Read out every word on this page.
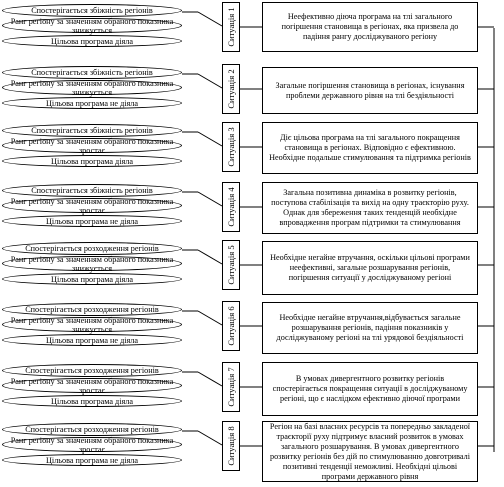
Спостерігається збіжність регіонів
Ранг регіону за значенням обраного показника знижується
Цільова програма діяла	Ситуація 1	Неефективно діюча програма на тлі загального погіршення становища в регіонах, яка призвела до падіння рангу досліджуваного регіону
Спостерігається збіжність регіонів
Ранг регіону за значенням обраного показника знижується
Цільова програма не діяла	Ситуація 2	Загальне погіршення становища в регіонах, існування проблеми державного рівня на тлі бездіяльності
Спостерігається збіжність регіонів
Ранг регіону за значенням обраного показника зростає
Цільова програма діяла	Ситуація 3	Діє цільова програма на тлі загального покращення становища в регіонах. Відповідно є ефективною. Необхідне подальше стимулювання та підтримка регіонів
Спостерігається збіжність регіонів
Ранг регіону за значенням обраного показника зростає
Цільова програма не діяла	Ситуація 4	Загальна позитивна динаміка в розвитку регіонів, поступова стабілізація та вихід на одну траєкторію руху. Однак для збереження таких тенденцій необхідне впровадження програм підтримки та стимулювання
Спостерігається розходження регіонів
Ранг регіону за значенням обраного показника знижується
Цільова програма діяла	Ситуація 5	Необхідне негайне втручання, оскільки цільові програми неефективні, загальне розшарування регіонів, погіршення ситуації у досліджуваному регіоні
Спостерігається розходження регіонів
Ранг регіону за значенням обраного показника знижується
Цільова програма не діяла	Ситуація 6	Необхідне негайне втручання,відбувається загальне розшарування регіонів, падіння показників у досліджуваному регіоні на тлі урядової бездіяльності
Спостерігається розходження регіонів
Ранг регіону за значенням обраного показника зростає
Цільова програма діяла	Ситуація 7	В умовах дивергентного розвитку регіонів спостерігається покращення ситуації в досліджуваному регіоні, що є наслідком ефективно діючої програми
Спостерігається розходження регіонів
Ранг регіону за значенням обраного показника зростає
Цільова програма не діяла	Ситуація 8
Регіон на базі власних ресурсів та попередньо закладеної траєкторії руху підтримує власний розвиток в умовах загального розшарування. В умовах дивергентного розвитку регіонів без дій по стимулюванню довготривалі позитивні тенденції неможливі. Необхідні цільові програми державного рівня
